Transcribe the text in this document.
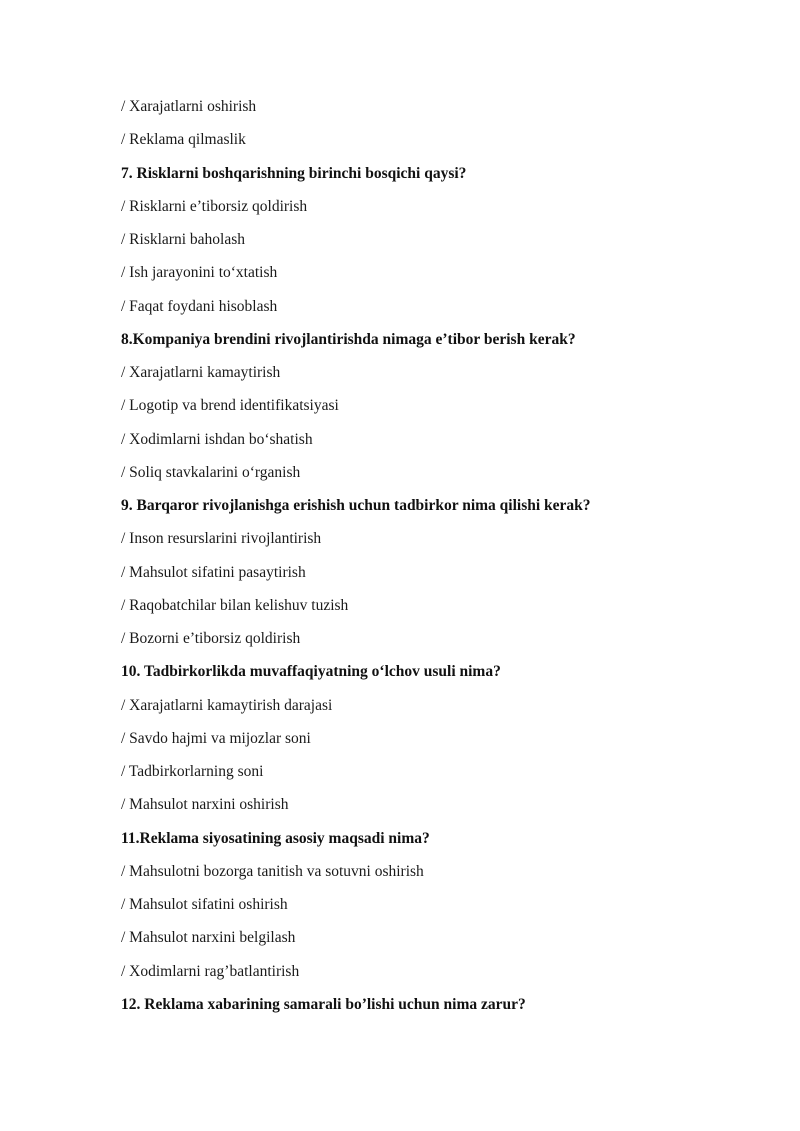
/ Xarajatlarni oshirish
/ Reklama qilmaslik
7. Risklarni boshqarishning birinchi bosqichi qaysi?
/ Risklarni e’tiborsiz qoldirish
/ Risklarni baholash
/ Ish jarayonini to‘xtatish
/ Faqat foydani hisoblash
8.Kompaniya brendini rivojlantirishda nimaga e’tibor berish kerak?
/ Xarajatlarni kamaytirish
/ Logotip va brend identifikatsiyasi
/ Xodimlarni ishdan bo‘shatish
/ Soliq stavkalarini o‘rganish
9. Barqaror rivojlanishga erishish uchun tadbirkor nima qilishi kerak?
/ Inson resurslarini rivojlantirish
/ Mahsulot sifatini pasaytirish
/ Raqobatchilar bilan kelishuv tuzish
/ Bozorni e’tiborsiz qoldirish
10. Tadbirkorlikda muvaffaqiyatning o‘lchov usuli nima?
/ Xarajatlarni kamaytirish darajasi
/ Savdo hajmi va mijozlar soni
/ Tadbirkorlarning soni
/ Mahsulot narxini oshirish
11.Reklama siyosatining asosiy maqsadi nima?
/ Mahsulotni bozorga tanitish va sotuvni oshirish
/ Mahsulot sifatini oshirish
/ Mahsulot narxini belgilash
/ Xodimlarni rag’batlantirish
12. Reklama xabarining samarali bo’lishi uchun nima zarur?
